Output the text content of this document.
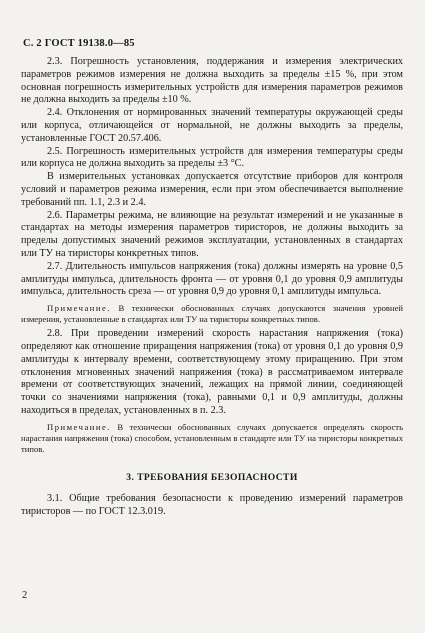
С. 2 ГОСТ 19138.0—85

2.3. Погрешность установления, поддержания и измерения электрических параметров режимов измерения не должна выходить за пределы ±15 %, при этом основная погрешность измерительных устройств для измерения параметров режимов не должна выходить за пределы ±10 %.

2.4. Отклонения от нормированных значений температуры окружающей среды или корпуса, отличающейся от нормальной, не должны выходить за пределы, установленные ГОСТ 20.57.406.

2.5. Погрешность измерительных устройств для измерения температуры среды или корпуса не должна выходить за пределы ±3 °С.

В измерительных установках допускается отсутствие приборов для контроля условий и параметров режима измерения, если при этом обеспечивается выполнение требований пп. 1.1, 2.3 и 2.4.

2.6. Параметры режима, не влияющие на результат измерений и не указанные в стандартах на методы измерения параметров тиристоров, не должны выходить за пределы допустимых значений режимов эксплуатации, установленных в стандартах или ТУ на тиристоры конкретных типов.

2.7. Длительность импульсов напряжения (тока) должны измерять на уровне 0,5 амплитуды импульса, длительность фронта — от уровня 0,1 до уровня 0,9 амплитуды импульса, длительность среза — от уровня 0,9 до уровня 0,1 амплитуды импульса.

Примечание. В технически обоснованных случаях допускаются значения уровней измерения, установленные в стандартах или ТУ на тиристоры конкретных типов.

2.8. При проведении измерений скорость нарастания напряжения (тока) определяют как отношение приращения напряжения (тока) от уровня 0,1 до уровня 0,9 амплитуды к интервалу времени, соответствующему этому приращению. При этом отклонения мгновенных значений напряжения (тока) в рассматриваемом интервале времени от соответствующих значений, лежащих на прямой линии, соединяющей точки со значениями напряжения (тока), равными 0,1 и 0,9 амплитуды, должны находиться в пределах, установленных в п. 2.3.

Примечание. В технически обоснованных случаях допускается определять скорость нарастания напряжения (тока) способом, установленным в стандарте или ТУ на тиристоры конкретных типов.

3. ТРЕБОВАНИЯ БЕЗОПАСНОСТИ

3.1. Общие требования безопасности к проведению измерений параметров тиристоров — по ГОСТ 12.3.019.

2
